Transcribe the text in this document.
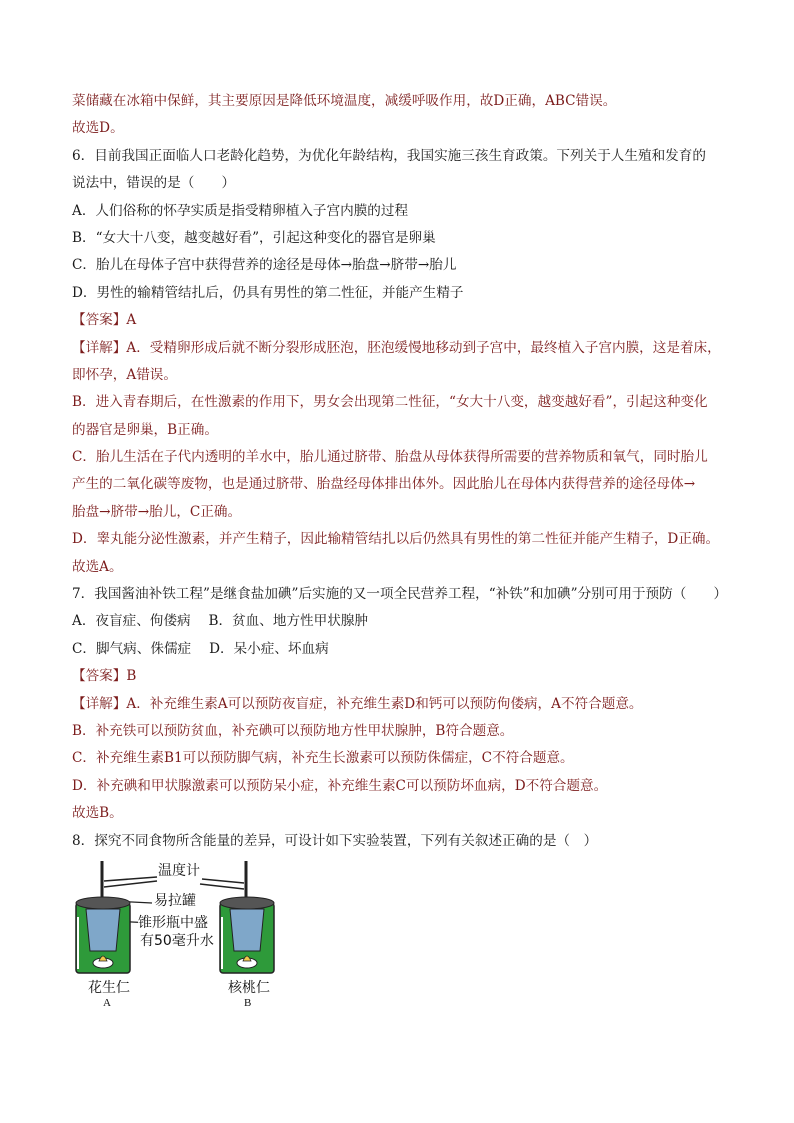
菜储藏在冰箱中保鲜，其主要原因是降低环境温度，减缓呼吸作用，故D正确，ABC错误。
故选D。
6．目前我国正面临人口老龄化趋势，为优化年龄结构，我国实施三孩生育政策。下列关于人生殖和发育的
说法中，错误的是（　　）
A．人们俗称的怀孕实质是指受精卵植入子宫内膜的过程
B．“女大十八变，越变越好看”，引起这种变化的器官是卵巢
C．胎儿在母体子宫中获得营养的途径是母体→胎盘→脐带→胎儿
D．男性的输精管结扎后，仍具有男性的第二性征，并能产生精子
【答案】A
【详解】A．受精卵形成后就不断分裂形成胚泡，胚泡缓慢地移动到子宫中，最终植入子宫内膜，这是着床，
即怀孕，A错误。
B．进入青春期后，在性激素的作用下，男女会出现第二性征，“女大十八变，越变越好看”，引起这种变化
的器官是卵巢，B正确。
C．胎儿生活在子代内透明的羊水中，胎儿通过脐带、胎盘从母体获得所需要的营养物质和氧气，同时胎儿
产生的二氧化碳等废物，也是通过脐带、胎盘经母体排出体外。因此胎儿在母体内获得营养的途径母体→
胎盘→脐带→胎儿，C正确。
D．睾丸能分泌性激素，并产生精子，因此输精管结扎以后仍然具有男性的第二性征并能产生精子，D正确。
故选A。
7．我国酱油补铁工程”是继食盐加碘”后实施的又一项全民营养工程，“补铁”和加碘”分别可用于预防（　　）
A．夜盲症、佝偻病　 B．贫血、地方性甲状腺肿
C．脚气病、侏儒症　 D．呆小症、坏血病
【答案】B
【详解】A．补充维生素A可以预防夜盲症，补充维生素D和钙可以预防佝偻病，A不符合题意。
B．补充铁可以预防贫血，补充碘可以预防地方性甲状腺肿，B符合题意。
C．补充维生素B1可以预防脚气病，补充生长激素可以预防侏儒症，C不符合题意。
D．补充碘和甲状腺激素可以预防呆小症，补充维生素C可以预防坏血病，D不符合题意。
故选B。
8．探究不同食物所含能量的差异，可设计如下实验装置，下列有关叙述正确的是（　）
温度计
易拉罐
锥形瓶中盛
有50毫升水
花生仁	核桃仁
A	B
